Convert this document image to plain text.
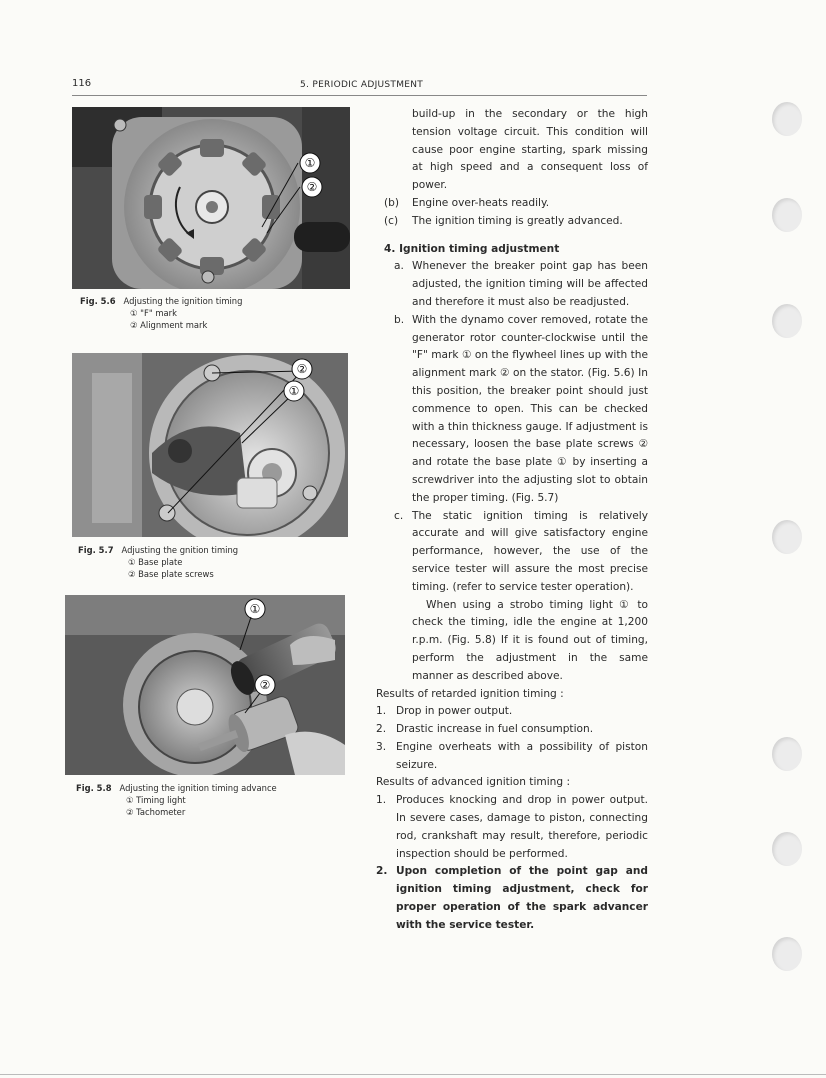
116	5. PERIODIC ADJUSTMENT
①
②
Fig. 5.6 Adjusting the ignition timing
① "F" mark
② Alignment mark
②
①
Fig. 5.7 Adjusting the gnition timing
① Base plate
② Base plate screws
①
②
Fig. 5.8 Adjusting the ignition timing advance
① Timing light
② Tachometer
build-up in the secondary or the high tension voltage circuit. This condition will cause poor engine starting, spark missing at high speed and a consequent loss of power.
(b)	Engine over-heats readily.
(c)	The ignition timing is greatly advanced.
4. Ignition timing adjustment
a. Whenever the breaker point gap has been adjusted, the ignition timing will be affected and therefore it must also be readjusted.
b. With the dynamo cover removed, rotate the generator rotor counter-clockwise until the "F" mark ① on the flywheel lines up with the alignment mark ② on the stator. (Fig. 5.6) In this position, the breaker point should just commence to open. This can be checked with a thin thickness gauge. If adjustment is necessary, loosen the base plate screws ② and rotate the base plate ① by inserting a screwdriver into the adjusting slot to obtain the proper timing. (Fig. 5.7)
c. The static ignition timing is relatively accurate and will give satisfactory engine performance, however, the use of the service tester will assure the most precise timing. (refer to service tester operation).
When using a strobo timing light ① to check the timing, idle the engine at 1,200 r.p.m. (Fig. 5.8) If it is found out of timing, perform the adjustment in the same manner as described above.
Results of retarded ignition timing :
1. Drop in power output.
2. Drastic increase in fuel consumption.
3. Engine overheats with a possibility of piston seizure.
Results of advanced ignition timing :
1. Produces knocking and drop in power output. In severe cases, damage to piston, connecting rod, crankshaft may result, therefore, periodic inspection should be performed.
2. Upon completion of the point gap and ignition timing adjustment, check for proper operation of the spark advancer with the service tester.
